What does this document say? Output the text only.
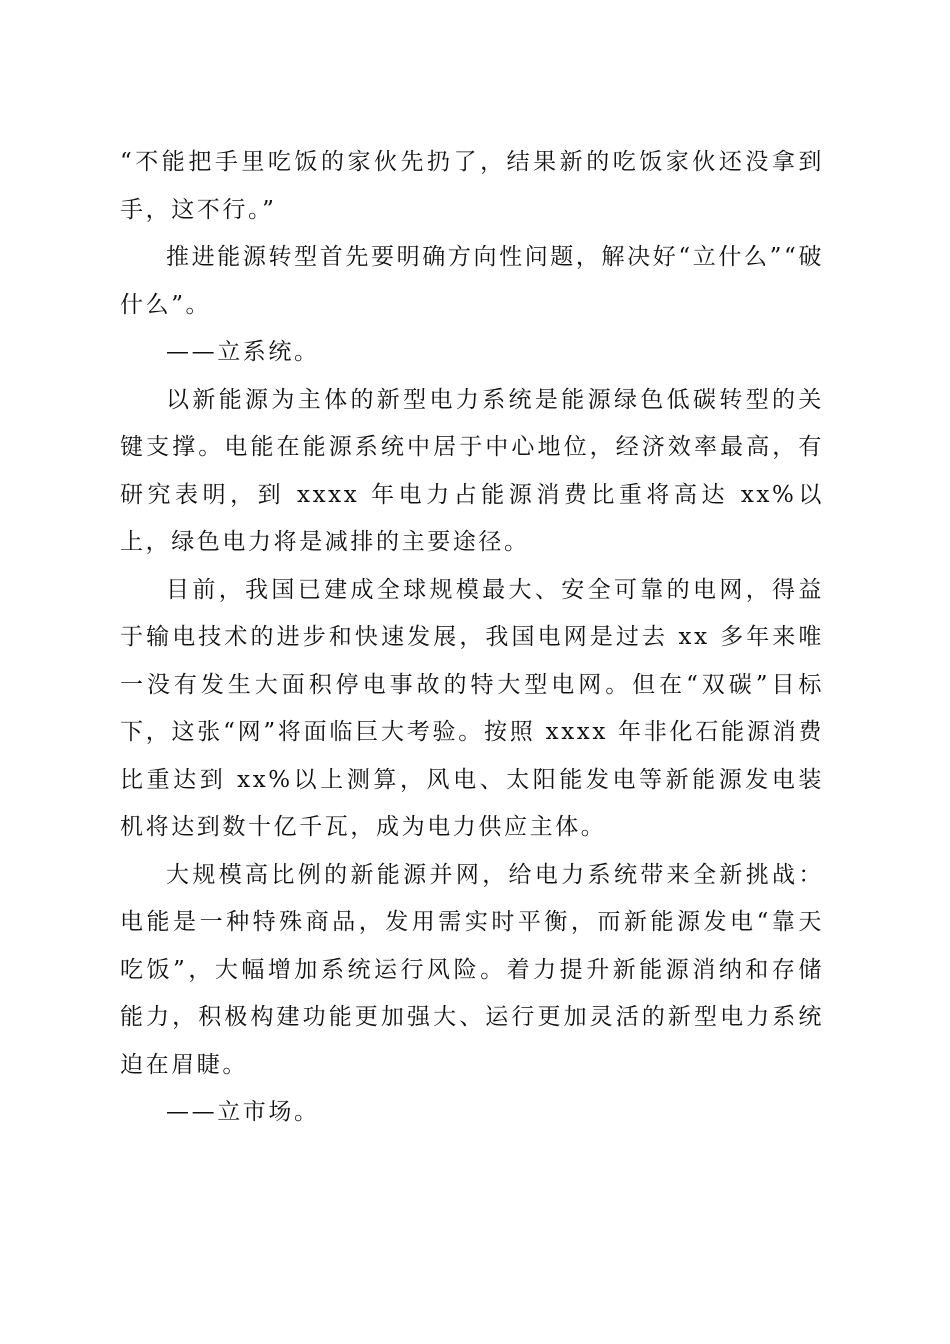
“不能把手里吃饭的家伙先扔了，结果新的吃饭家伙还没拿到手，这不行。”

推进能源转型首先要明确方向性问题，解决好“立什么”“破什么”。

——立系统。

以新能源为主体的新型电力系统是能源绿色低碳转型的关键支撑。电能在能源系统中居于中心地位，经济效率最高，有研究表明，到 xxxx 年电力占能源消费比重将高达 xx%以上，绿色电力将是减排的主要途径。

目前，我国已建成全球规模最大、安全可靠的电网，得益于输电技术的进步和快速发展，我国电网是过去 xx 多年来唯一没有发生大面积停电事故的特大型电网。但在“双碳”目标下，这张“网”将面临巨大考验。按照 xxxx 年非化石能源消费比重达到 xx%以上测算，风电、太阳能发电等新能源发电装机将达到数十亿千瓦，成为电力供应主体。

大规模高比例的新能源并网，给电力系统带来全新挑战：电能是一种特殊商品，发用需实时平衡，而新能源发电“靠天吃饭”，大幅增加系统运行风险。着力提升新能源消纳和存储能力，积极构建功能更加强大、运行更加灵活的新型电力系统迫在眉睫。

——立市场。
